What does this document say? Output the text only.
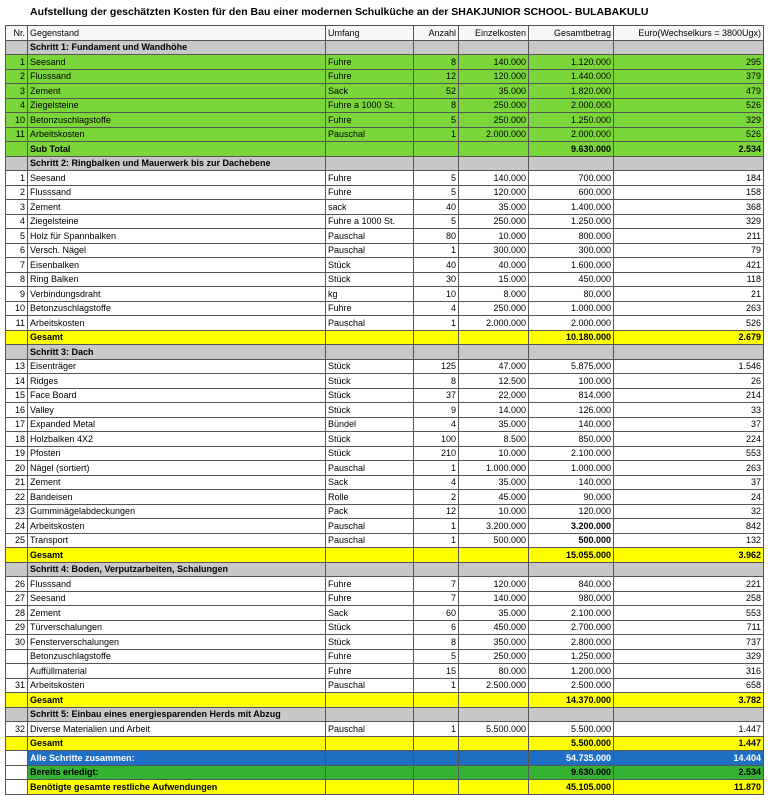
Aufstellung der geschätzten Kosten für den Bau einer modernen Schulküche an der SHAKJUNIOR SCHOOL- BULABAKULU
Nr.	Gegenstand	Umfang	Anzahl	Einzelkosten	Gesamtbetrag	Euro(Wechselkurs = 3800Ugx)
	Schritt 1: Fundament und Wandhöhe					
1	Seesand	Fuhre	8	140.000	1.120.000	295
2	Flusssand	Fuhre	12	120.000	1.440.000	379
3	Zement	Sack	52	35.000	1.820.000	479
4	Ziegelsteine	Fuhre a 1000 St.	8	250.000	2.000.000	526
10	Betonzuschlagstoffe	Fuhre	5	250.000	1.250.000	329
11	Arbeitskosten	Pauschal	1	2.000.000	2.000.000	526
	Sub Total				9.630.000	2.534
	Schritt 2: Ringbalken und Mauerwerk bis zur Dachebene					
1	Seesand	Fuhre	5	140.000	700.000	184
2	Flusssand	Fuhre	5	120.000	600.000	158
3	Zement	sack	40	35.000	1.400.000	368
4	Ziegelsteine	Fuhre a 1000 St.	5	250.000	1.250.000	329
5	Holz für Spannbalken	Pauschal	80	10.000	800.000	211
6	Versch. Nägel	Pauschal	1	300.000	300.000	79
7	Eisenbalken	Stück	40	40.000	1.600.000	421
8	Ring Balken	Stück	30	15.000	450.000	118
9	Verbindungsdraht	kg	10	8.000	80.000	21
10	Betonzuschlagstoffe	Fuhre	4	250.000	1.000.000	263
11	Arbeitskosten	Pauschal	1	2.000.000	2.000.000	526
	Gesamt				10.180.000	2.679
	Schritt 3: Dach					
13	Eisenträger	Stück	125	47.000	5.875.000	1.546
14	Ridges	Stück	8	12.500	100.000	26
15	Face Board	Stück	37	22.000	814.000	214
16	Valley	Stück	9	14.000	126.000	33
17	Expanded Metal	Bündel	4	35.000	140.000	37
18	Holzbalken 4X2	Stück	100	8.500	850.000	224
19	Pfosten	Stück	210	10.000	2.100.000	553
20	Nägel (sortiert)	Pauschal	1	1.000.000	1.000.000	263
21	Zement	Sack	4	35.000	140.000	37
22	Bandeisen	Rolle	2	45.000	90.000	24
23	Gumminägelabdeckungen	Pack	12	10.000	120.000	32
24	Arbeitskosten	Pauschal	1	3.200.000	3.200.000	842
25	Transport	Pauschal	1	500.000	500.000	132
	Gesamt				15.055.000	3.962
	Schritt 4: Boden, Verputzarbeiten, Schalungen					
26	Flusssand	Fuhre	7	120.000	840.000	221
27	Seesand	Fuhre	7	140.000	980.000	258
28	Zement	Sack	60	35.000	2.100.000	553
29	Türverschalungen	Stück	6	450.000	2.700.000	711
30	Fensterverschalungen	Stück	8	350.000	2.800.000	737
	Betonzuschlagstoffe	Fuhre	5	250.000	1.250.000	329
	Auffüllmaterial	Fuhre	15	80.000	1.200.000	316
31	Arbeitskosten	Pauschal	1	2.500.000	2.500.000	658
	Gesamt				14.370.000	3.782
	Schritt 5: Einbau eines energiesparenden Herds mit Abzug					
32	Diverse Materialien und Arbeit	Pauschal	1	5.500.000	5.500.000	1.447
	Gesamt				5.500.000	1.447
	Alle Schritte zusammen:				54.735.000	14.404
	Bereits erledigt:				9.630.000	2.534
	Benötigte gesamte restliche Aufwendungen				45.105.000	11.870
